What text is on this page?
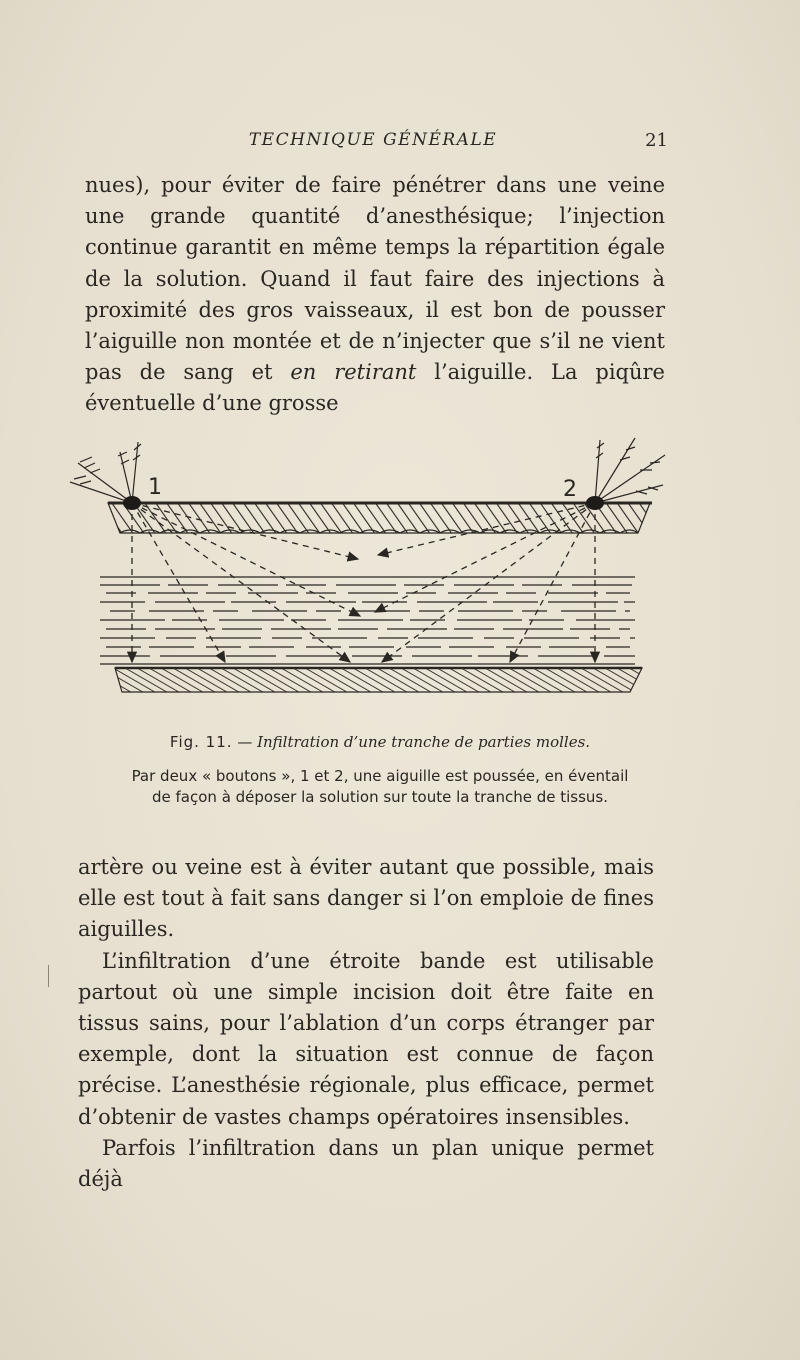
TECHNIQUE GÉNÉRALE	21

nues), pour éviter de faire pénétrer dans une veine une grande quantité d’anesthésique; l’injection continue garantit en même temps la répartition égale de la solution. Quand il faut faire des injections à proximité des gros vaisseaux, il est bon de pousser l’aiguille non montée et de n’injecter que s’il ne vient pas de sang et en retirant l’aiguille. La piqûre éventuelle d’une grosse

1	2
Fig. 11. — Infiltration d’une tranche de parties molles.
Par deux « boutons », 1 et 2, une aiguille est poussée, en éventail
de façon à déposer la solution sur toute la tranche de tissus.

artère ou veine est à éviter autant que possible, mais elle est tout à fait sans danger si l’on emploie de fines aiguilles.

L’infiltration d’une étroite bande est utilisable partout où une simple incision doit être faite en tissus sains, pour l’ablation d’un corps étranger par exemple, dont la situation est connue de façon précise. L’anesthésie régionale, plus efficace, permet d’obtenir de vastes champs opératoires insensibles.

Parfois l’infiltration dans un plan unique permet déjà
